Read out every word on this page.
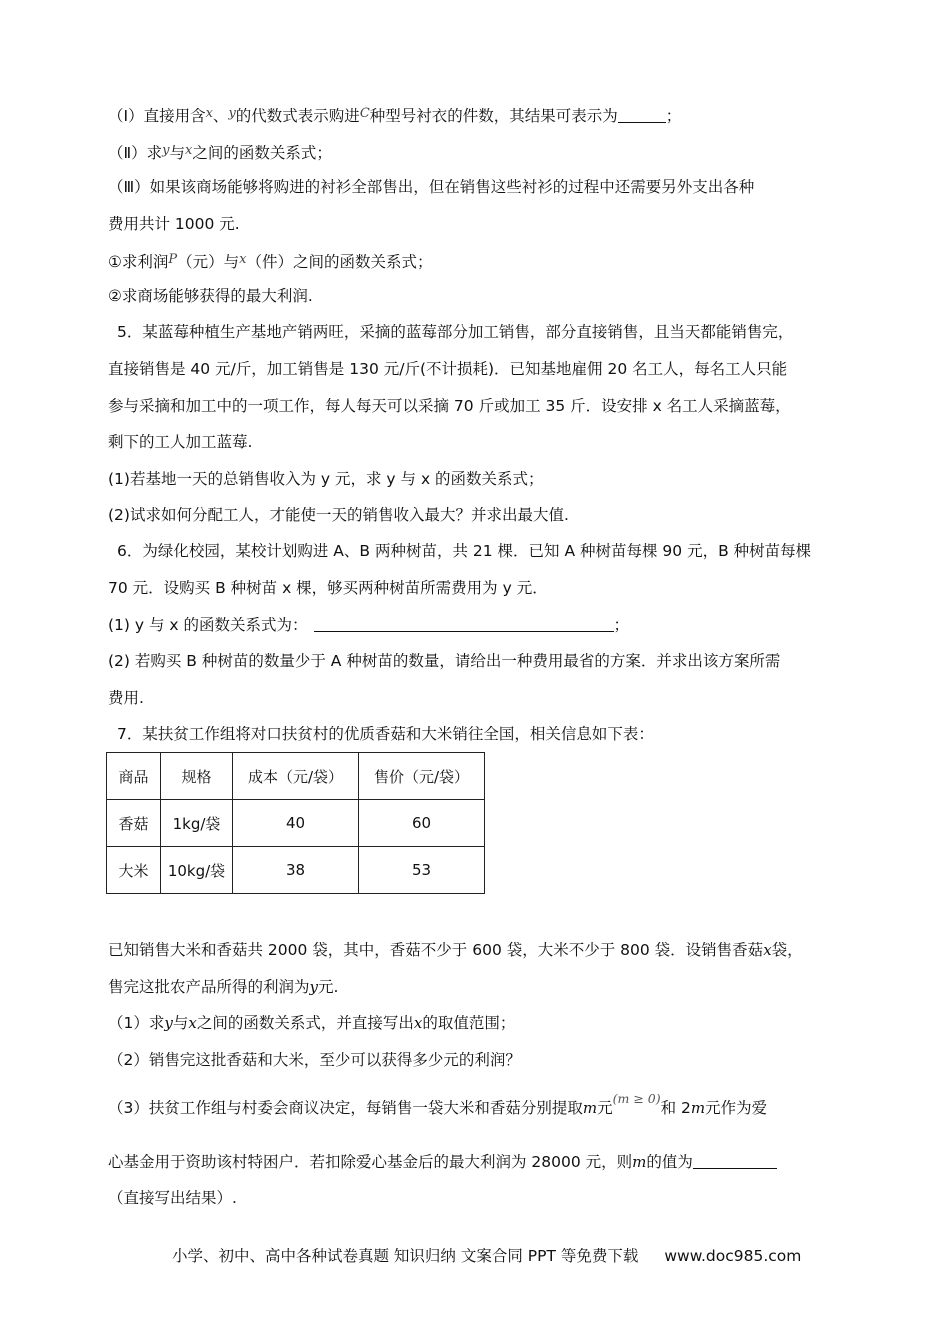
（Ⅰ）直接用含$^x$、$^y$的代数式表示购进$^C$种型号衬衣的件数，其结果可表示为	；
（Ⅱ）求$^y$与$^x$之间的函数关系式；
（Ⅲ）如果该商场能够将购进的衬衫全部售出，但在销售这些衬衫的过程中还需要另外支出各种
费用共计 1000 元.
①求利润$^P$（元）与$^x$（件）之间的函数关系式；
②求商场能够获得的最大利润.
5．某蓝莓种植生产基地产销两旺，采摘的蓝莓部分加工销售，部分直接销售，且当天都能销售完，
直接销售是 40 元/斤，加工销售是 130 元/斤(不计损耗)．已知基地雇佣 20 名工人，每名工人只能
参与采摘和加工中的一项工作，每人每天可以采摘 70 斤或加工 35 斤．设安排 x 名工人采摘蓝莓，
剩下的工人加工蓝莓.
(1)若基地一天的总销售收入为 y 元，求 y 与 x 的函数关系式；
(2)试求如何分配工人，才能使一天的销售收入最大？并求出最大值.
6．为绿化校园，某校计划购进 A、B 两种树苗，共 21 棵．已知 A 种树苗每棵 90 元，B 种树苗每棵
70 元．设购买 B 种树苗 x 棵，够买两种树苗所需费用为 y 元．
(1) y 与 x 的函数关系式为：	；
(2) 若购买 B 种树苗的数量少于 A 种树苗的数量，请给出一种费用最省的方案．并求出该方案所需
费用.
7．某扶贫工作组将对口扶贫村的优质香菇和大米销往全国，相关信息如下表：
商品	规格	成本（元/袋）	售价（元/袋）
香菇	1kg/袋	40	60
大米	10kg/袋	38	53
已知销售大米和香菇共 2000 袋，其中，香菇不少于 600 袋，大米不少于 800 袋．设销售香菇x袋，
售完这批农产品所得的利润为y元.
（1）求y与x之间的函数关系式，并直接写出x的取值范围；
（2）销售完这批香菇和大米，至少可以获得多少元的利润？
（3）扶贫工作组与村委会商议决定，每销售一袋大米和香菇分别提取m元$^{(m \ge 0)}$和 2m元作为爱
心基金用于资助该村特困户．若扣除爱心基金后的最大利润为 28000 元，则m的值为
（直接写出结果）.
小学、初中、高中各种试卷真题 知识归纳 文案合同 PPT 等免费下载 www.doc985.com
